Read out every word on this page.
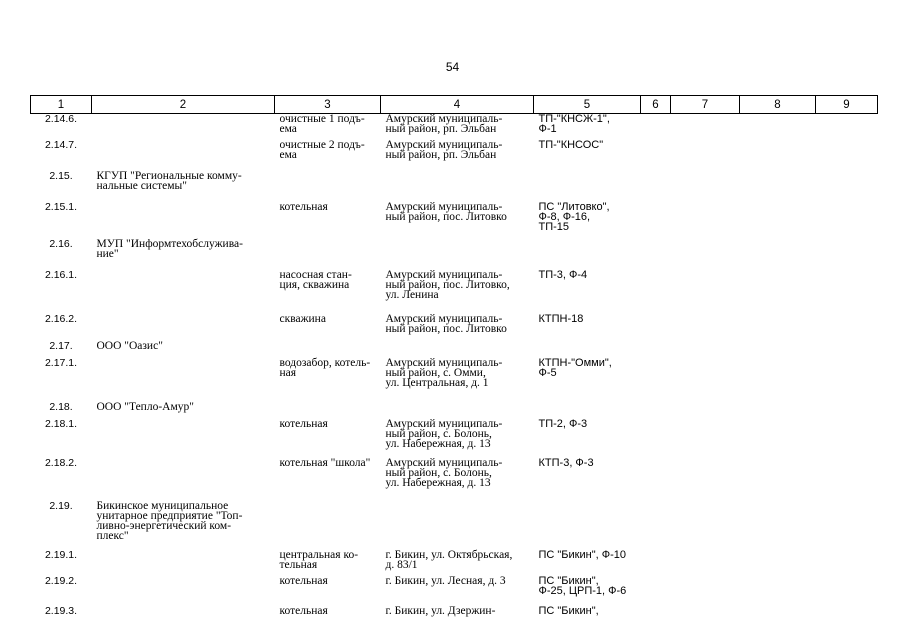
54
1	2	3	4	5	6	7	8	9

2.14.6.		очистные 1 подъ-
ема	Амурский муниципаль-
ный район, рп. Эльбан	ТП-"КНСЖ-1",
Ф-1				

2.14.7.		очистные 2 подъ-
ема	Амурский муниципаль-
ный район, рп. Эльбан	ТП-"КНСОС"				

2.15.	КГУП "Региональные комму-
нальные системы"							

2.15.1.		котельная	Амурский муниципаль-
ный район, пос. Литовко	ПС "Литовко",
Ф-8, Ф-16,
ТП-15				

2.16.	МУП "Информтехобслужива-
ние"							

2.16.1.		насосная стан-
ция, скважина	Амурский муниципаль-
ный район, пос. Литовко,
ул. Ленина	ТП-3, Ф-4				

2.16.2.		скважина	Амурский муниципаль-
ный район, пос. Литовко	КТПН-18				

2.17.	ООО "Оазис"							

2.17.1.		водозабор, котель-
ная	Амурский муниципаль-
ный район, с. Омми,
ул. Центральная, д. 1	КТПН-"Омми",
Ф-5				

2.18.	ООО "Тепло-Амур"							

2.18.1.		котельная	Амурский муниципаль-
ный район, с. Болонь,
ул. Набережная, д. 13	ТП-2, Ф-3				

2.18.2.		котельная "школа"	Амурский муниципаль-
ный район, с. Болонь,
ул. Набережная, д. 13	КТП-3, Ф-3				

2.19.	Бикинское муниципальное
унитарное предприятие "Топ-
ливно-энергетический ком-
плекс"							

2.19.1.		центральная ко-
тельная	г. Бикин, ул. Октябрьская,
д. 83/1	ПС "Бикин", Ф-10				

2.19.2.		котельная	г. Бикин, ул. Лесная, д. 3	ПС "Бикин",
Ф-25, ЦРП-1, Ф-6				

2.19.3.		котельная	г. Бикин, ул. Дзержин-	ПС "Бикин",				
